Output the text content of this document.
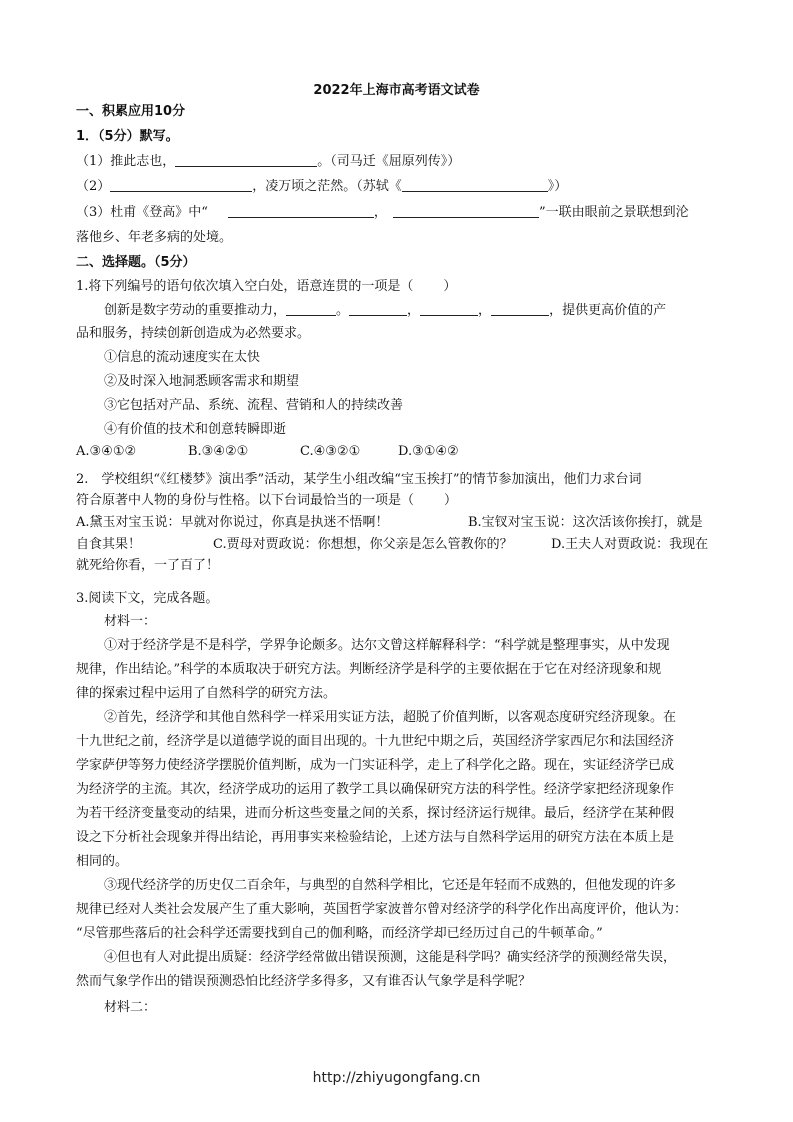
2022年上海市高考语文试卷
一、积累应用10分
1．（5分）默写。
（1）推此志也，	。（司马迁《屈原列传》）
（2）	，凌万顷之茫然。（苏轼《	》）
（3）杜甫《登高》中“	，	”一联由眼前之景联想到沦
落他乡、年老多病的处境。
二、选择题。（5分）
1.将下列编号的语句依次填入空白处，语意连贯的一项是（ ）
创新是数字劳动的重要推动力，	。	，	，	，提供更高价值的产
品和服务，持续创新创造成为必然要求。
①信息的流动速度实在太快
②及时深入地洞悉顾客需求和期望
③它包括对产品、系统、流程、营销和人的持续改善
④有价值的技术和创意转瞬即逝
A.③④①②	B.③④②①	C.④③②①	D.③①④②
2.　学校组织“《红楼梦》演出季”活动，某学生小组改编“宝玉挨打”的情节参加演出，他们力求台词
符合原著中人物的身份与性格。以下台词最恰当的一项是（ ）
A.黛玉对宝玉说：早就对你说过，你真是执迷不悟啊！	B.宝钗对宝玉说：这次活该你挨打，就是
自食其果！	C.贾母对贾政说：你想想，你父亲是怎么管教你的？	D.王夫人对贾政说：我现在
就死给你看，一了百了！
3.阅读下文，完成各题。
材料一：
①对于经济学是不是科学，学界争论颇多。达尔文曾这样解释科学：“科学就是整理事实，从中发现
规律，作出结论。”科学的本质取决于研究方法。判断经济学是科学的主要依据在于它在对经济现象和规
律的探索过程中运用了自然科学的研究方法。
②首先，经济学和其他自然科学一样采用实证方法，超脱了价值判断，以客观态度研究经济现象。在
十九世纪之前，经济学是以道德学说的面目出现的。十九世纪中期之后，英国经济学家西尼尔和法国经济
学家萨伊等努力使经济学摆脱价值判断，成为一门实证科学，走上了科学化之路。现在，实证经济学已成
为经济学的主流。其次，经济学成功的运用了教学工具以确保研究方法的科学性。经济学家把经济现象作
为若干经济变量变动的结果，进而分析这些变量之间的关系，探讨经济运行规律。最后，经济学在某种假
设之下分析社会现象并得出结论，再用事实来检验结论，上述方法与自然科学运用的研究方法在本质上是
相同的。
③现代经济学的历史仅二百余年，与典型的自然科学相比，它还是年轻而不成熟的，但他发现的许多
规律已经对人类社会发展产生了重大影响，英国哲学家波普尔曾对经济学的科学化作出高度评价，他认为：
“尽管那些落后的社会科学还需要找到自己的伽利略，而经济学却已经历过自己的牛顿革命。”
④但也有人对此提出质疑：经济学经常做出错误预测，这能是科学吗？确实经济学的预测经常失误，
然而气象学作出的错误预测恐怕比经济学多得多，又有谁否认气象学是科学呢？
材料二：
http://zhiyugongfang.cn
